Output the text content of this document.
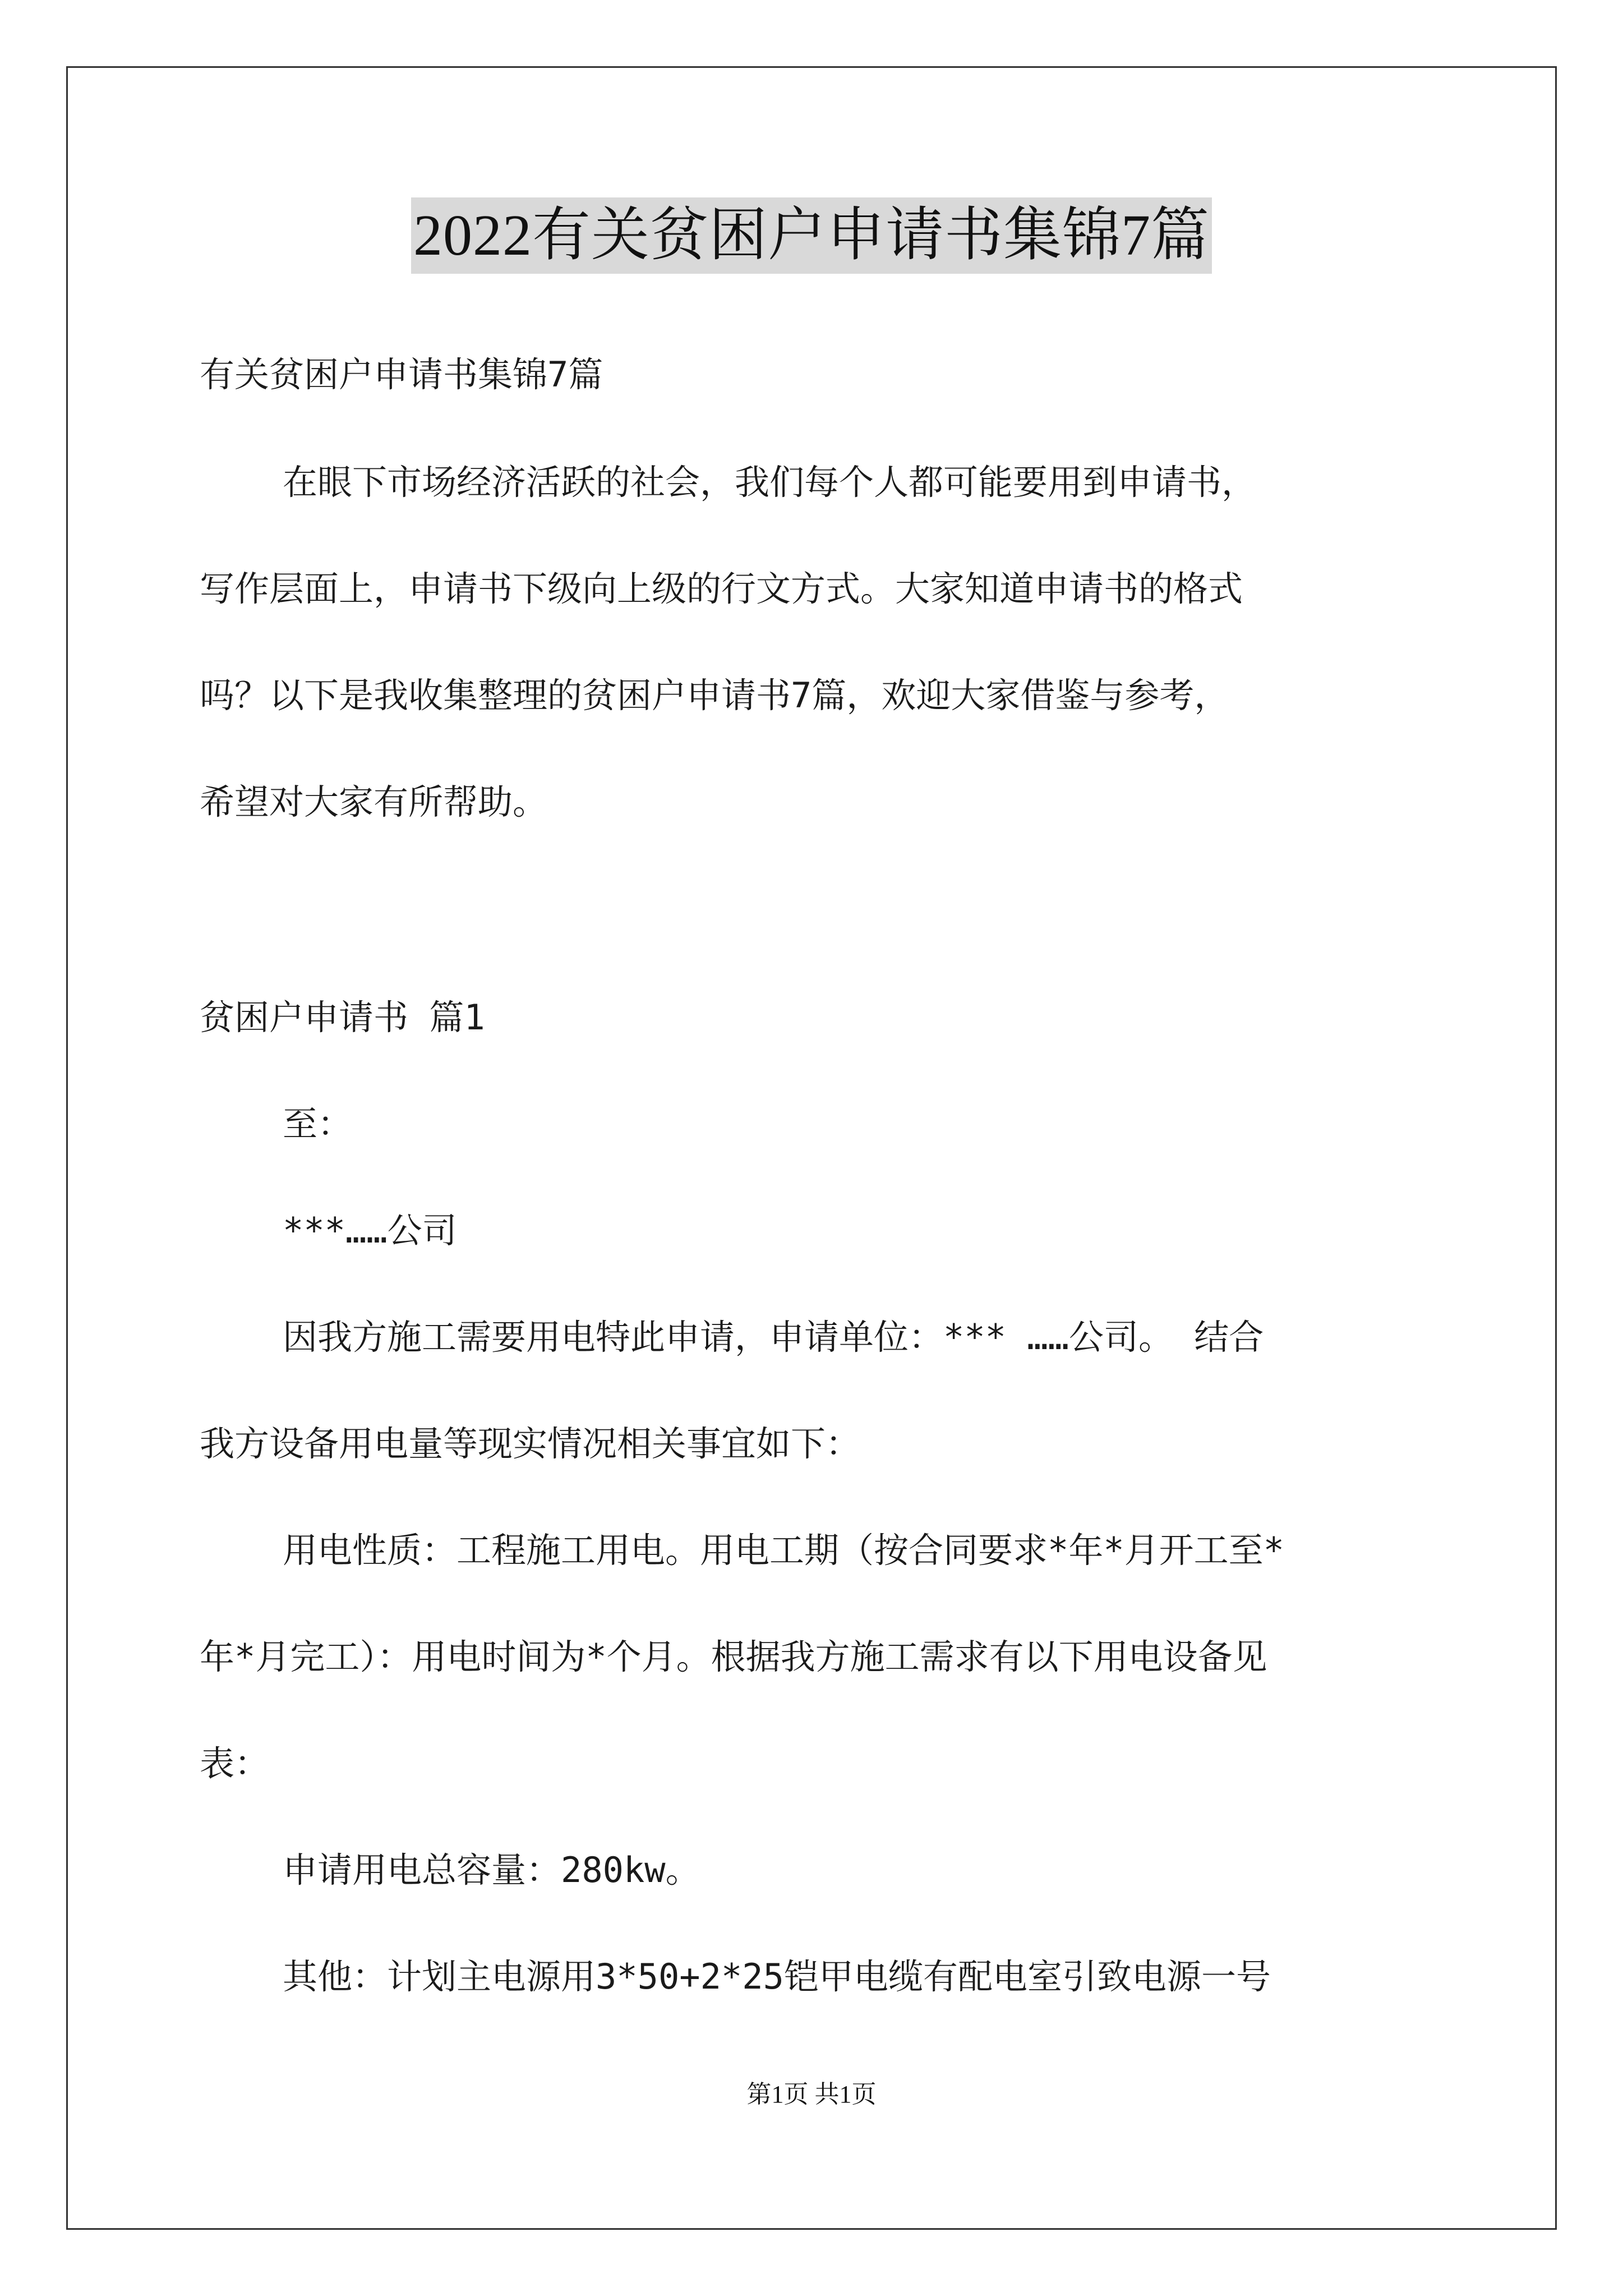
2022有关贫困户申请书集锦7篇

有关贫困户申请书集锦7篇

在眼下市场经济活跃的社会，我们每个人都可能要用到申请书，

写作层面上，申请书下级向上级的行文方式。大家知道申请书的格式

吗？以下是我收集整理的贫困户申请书7篇，欢迎大家借鉴与参考，

希望对大家有所帮助。

贫困户申请书 篇1

至：

***……公司

因我方施工需要用电特此申请，申请单位：*** ……公司。 结合

我方设备用电量等现实情况相关事宜如下：

用电性质：工程施工用电。用电工期（按合同要求*年*月开工至*

年*月完工）：用电时间为*个月。根据我方施工需求有以下用电设备见

表：

申请用电总容量：280kw。

其他：计划主电源用3*50+2*25铠甲电缆有配电室引致电源一号

第1页 共1页
